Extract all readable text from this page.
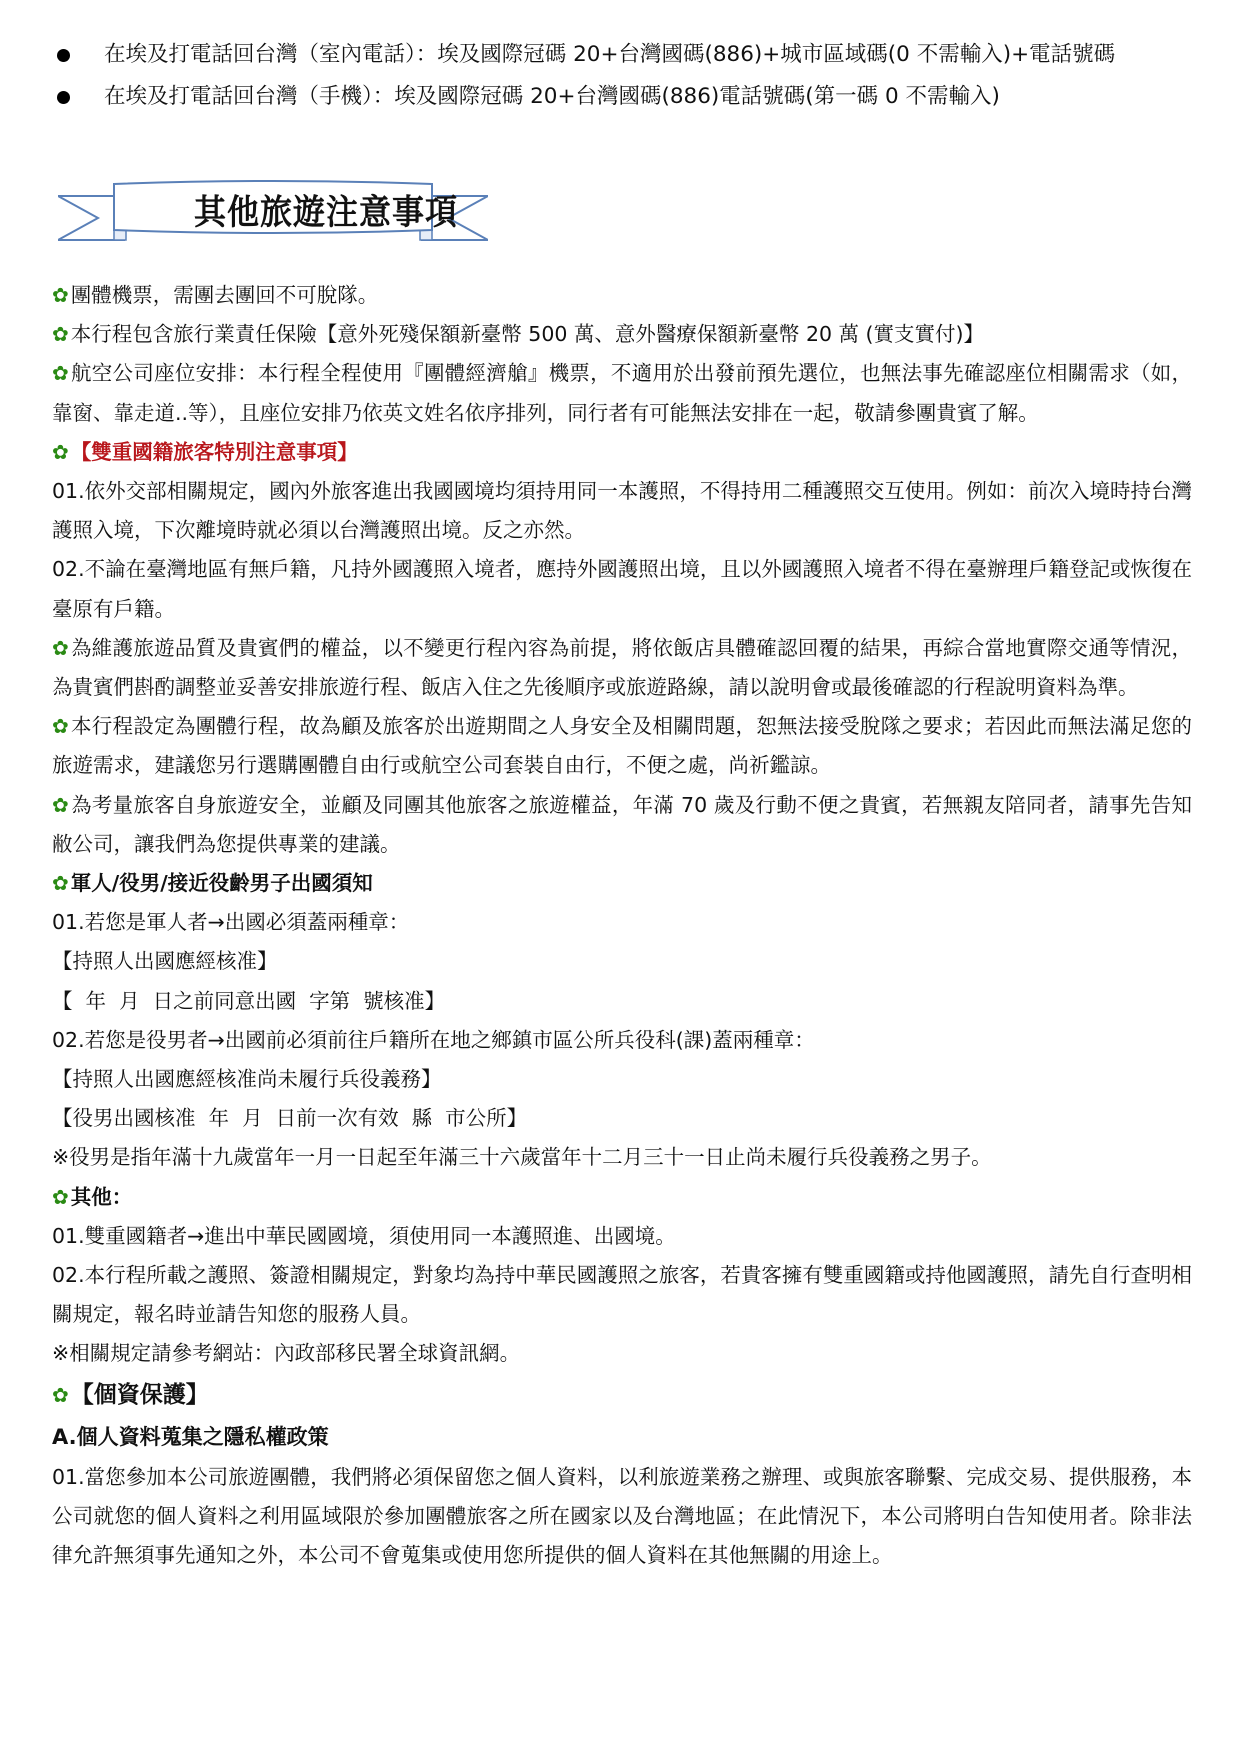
在埃及打電話回台灣（室內電話）：埃及國際冠碼 20+台灣國碼(886)+城市區域碼(0 不需輸入)+電話號碼
在埃及打電話回台灣（手機）：埃及國際冠碼 20+台灣國碼(886)電話號碼(第一碼 0 不需輸入)
其他旅遊注意事項

✿團體機票，需團去團回不可脫隊。

✿本行程包含旅行業責任保險【意外死殘保額新臺幣 500 萬、意外醫療保額新臺幣 20 萬 (實支實付)】

✿航空公司座位安排：本行程全程使用『團體經濟艙』機票，不適用於出發前預先選位，也無法事先確認座位相關需求（如，靠窗、靠走道..等），且座位安排乃依英文姓名依序排列，同行者有可能無法安排在一起，敬請參團貴賓了解。

✿【雙重國籍旅客特別注意事項】

01.依外交部相關規定，國內外旅客進出我國國境均須持用同一本護照，不得持用二種護照交互使用。例如：前次入境時持台灣護照入境，下次離境時就必須以台灣護照出境。反之亦然。

02.不論在臺灣地區有無戶籍，凡持外國護照入境者，應持外國護照出境，且以外國護照入境者不得在臺辦理戶籍登記或恢復在臺原有戶籍。

✿為維護旅遊品質及貴賓們的權益，以不變更行程內容為前提，將依飯店具體確認回覆的結果，再綜合當地實際交通等情況，為貴賓們斟酌調整並妥善安排旅遊行程、飯店入住之先後順序或旅遊路線，請以說明會或最後確認的行程說明資料為準。

✿本行程設定為團體行程，故為顧及旅客於出遊期間之人身安全及相關問題，恕無法接受脫隊之要求；若因此而無法滿足您的旅遊需求，建議您另行選購團體自由行或航空公司套裝自由行，不便之處，尚祈鑑諒。

✿為考量旅客自身旅遊安全，並顧及同團其他旅客之旅遊權益，年滿 70 歲及行動不便之貴賓，若無親友陪同者，請事先告知敝公司，讓我們為您提供專業的建議。

✿軍人/役男/接近役齡男子出國須知

01.若您是軍人者→出國必須蓋兩種章：

【持照人出國應經核准】

【  年  月  日之前同意出國  字第  號核准】

02.若您是役男者→出國前必須前往戶籍所在地之鄉鎮市區公所兵役科(課)蓋兩種章：

【持照人出國應經核准尚未履行兵役義務】

【役男出國核准  年  月  日前一次有效  縣  市公所】

※役男是指年滿十九歲當年一月一日起至年滿三十六歲當年十二月三十一日止尚未履行兵役義務之男子。

✿其他：

01.雙重國籍者→進出中華民國國境，須使用同一本護照進、出國境。

02.本行程所載之護照、簽證相關規定，對象均為持中華民國護照之旅客，若貴客擁有雙重國籍或持他國護照，請先自行查明相關規定，報名時並請告知您的服務人員。

※相關規定請參考網站：內政部移民署全球資訊網。

✿【個資保護】

A.個人資料蒐集之隱私權政策

01.當您參加本公司旅遊團體，我們將必須保留您之個人資料，以利旅遊業務之辦理、或與旅客聯繫、完成交易、提供服務，本公司就您的個人資料之利用區域限於參加團體旅客之所在國家以及台灣地區；在此情況下，本公司將明白告知使用者。除非法律允許無須事先通知之外，本公司不會蒐集或使用您所提供的個人資料在其他無關的用途上。
